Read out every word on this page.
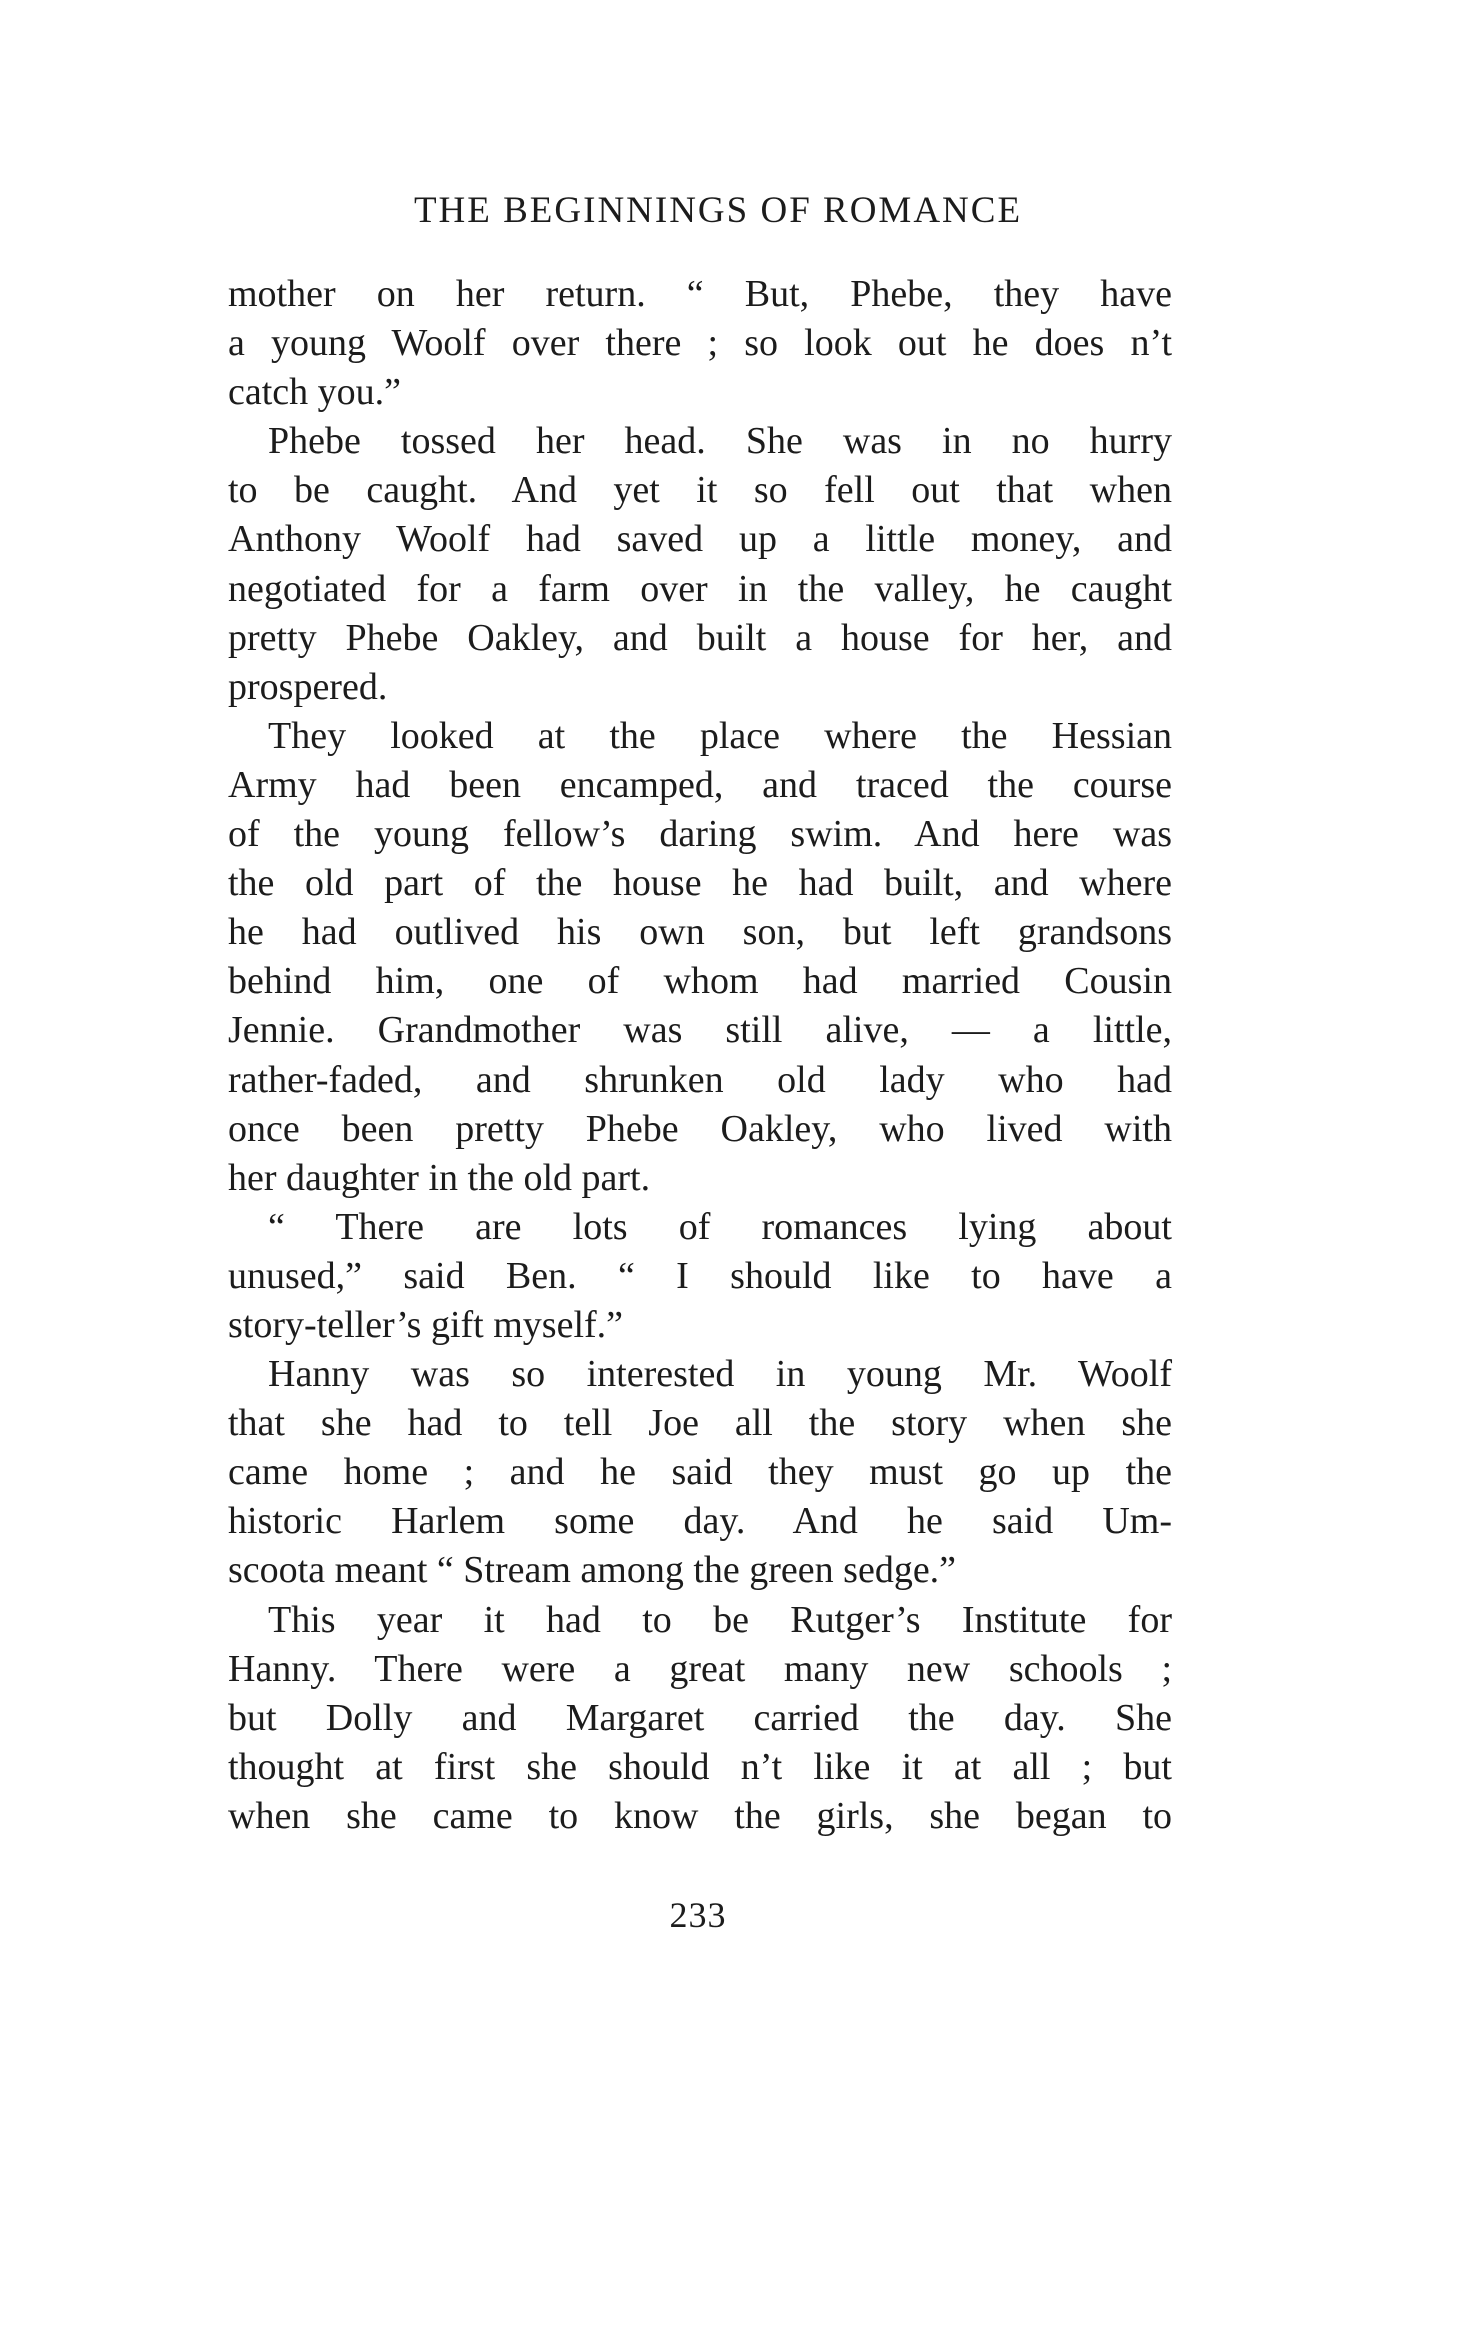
THE BEGINNINGS OF ROMANCE
mother on her return. “ But, Phebe, they have
a young Woolf over there ; so look out he does n’t
catch you.”
Phebe tossed her head. She was in no hurry
to be caught. And yet it so fell out that when
Anthony Woolf had saved up a little money, and
negotiated for a farm over in the valley, he caught
pretty Phebe Oakley, and built a house for her, and
prospered.
They looked at the place where the Hessian
Army had been encamped, and traced the course
of the young fellow’s daring swim. And here was
the old part of the house he had built, and where
he had outlived his own son, but left grandsons
behind him, one of whom had married Cousin
Jennie. Grandmother was still alive, — a little,
rather-faded, and shrunken old lady who had
once been pretty Phebe Oakley, who lived with
her daughter in the old part.
“ There are lots of romances lying about
unused,” said Ben. “ I should like to have a
story-teller’s gift myself.”
Hanny was so interested in young Mr. Woolf
that she had to tell Joe all the story when she
came home ; and he said they must go up the
historic Harlem some day. And he said Um-
scoota meant “ Stream among the green sedge.”
This year it had to be Rutger’s Institute for
Hanny. There were a great many new schools ;
but Dolly and Margaret carried the day. She
thought at first she should n’t like it at all ; but
when she came to know the girls, she began to
233
